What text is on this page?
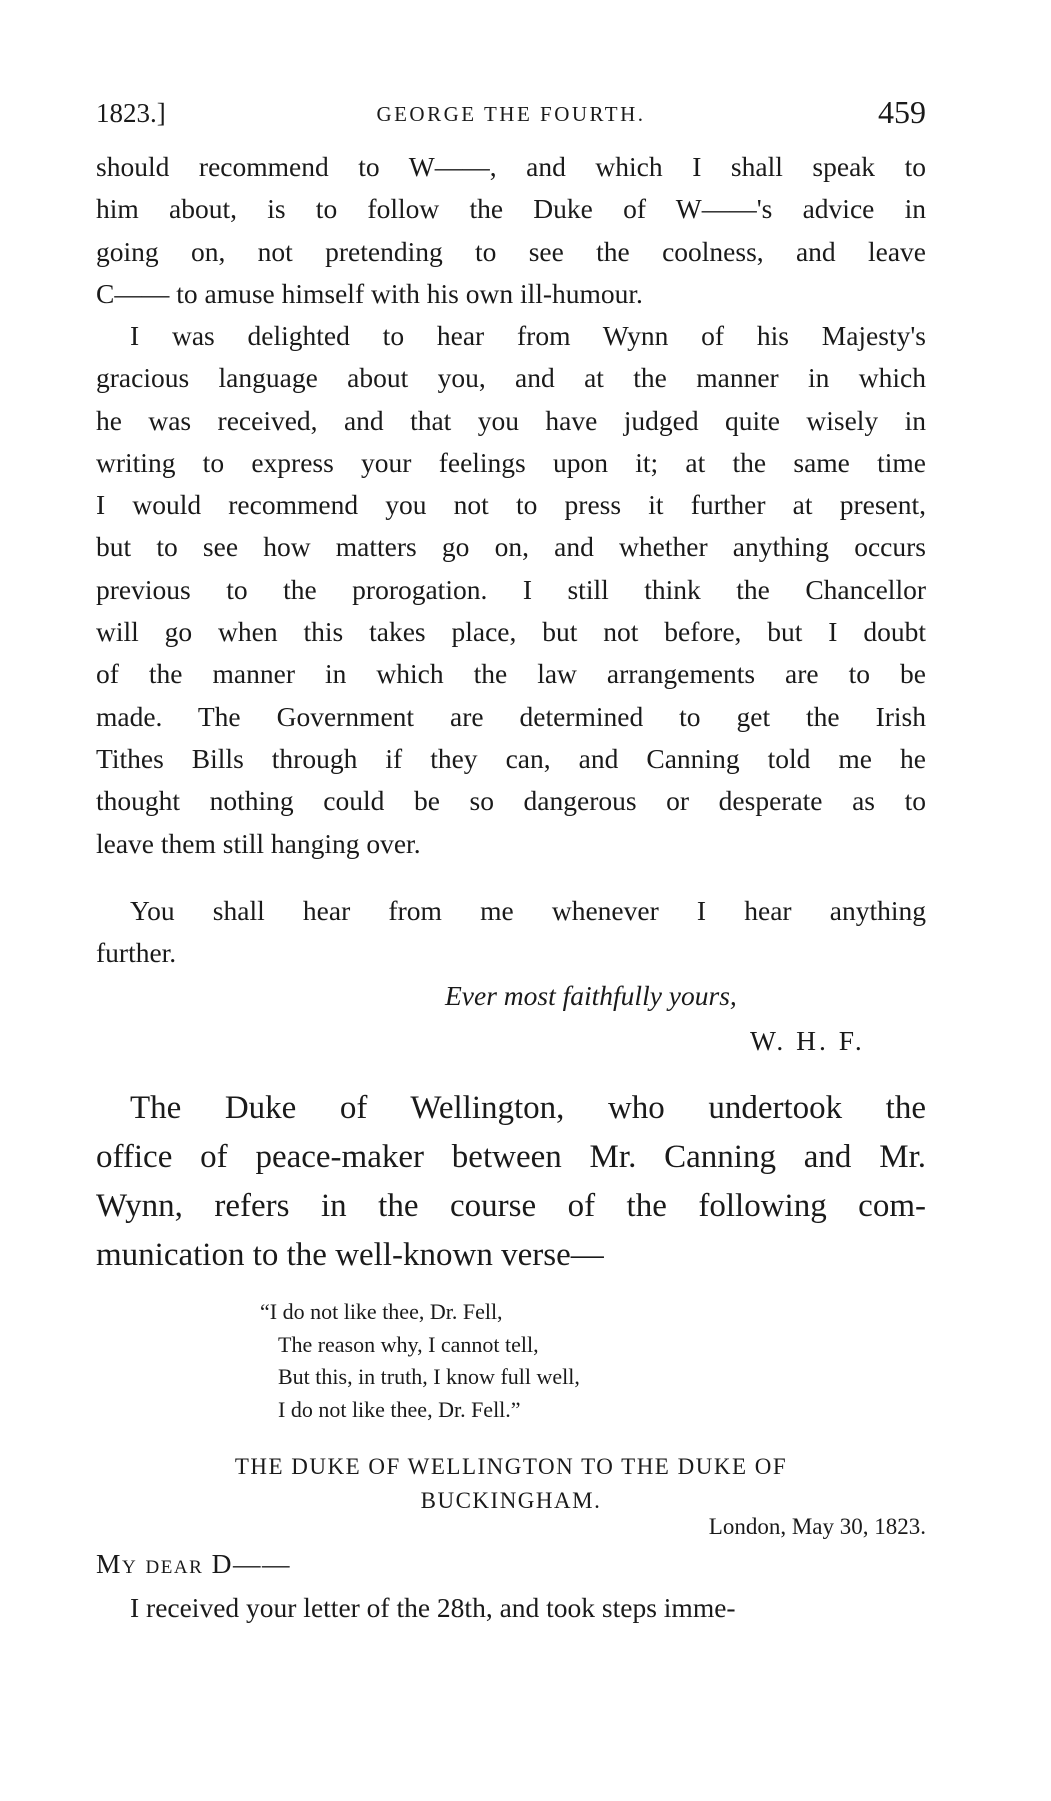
1823.]	GEORGE THE FOURTH.	459
should recommend to W——, and which I shall speak to
him about, is to follow the Duke of W——'s advice in
going on, not pretending to see the coolness, and leave
C—— to amuse himself with his own ill-humour.
I was delighted to hear from Wynn of his Majesty's
gracious language about you, and at the manner in which
he was received, and that you have judged quite wisely in
writing to express your feelings upon it; at the same time
I would recommend you not to press it further at present,
but to see how matters go on, and whether anything occurs
previous to the prorogation. I still think the Chancellor
will go when this takes place, but not before, but I doubt
of the manner in which the law arrangements are to be
made. The Government are determined to get the Irish
Tithes Bills through if they can, and Canning told me he
thought nothing could be so dangerous or desperate as to
leave them still hanging over.
You shall hear from me whenever I hear anything
further.
Ever most faithfully yours,
W. H. F.
The Duke of Wellington, who undertook the
office of peace-maker between Mr. Canning and Mr.
Wynn, refers in the course of the following com-
munication to the well-known verse—
“I do not like thee, Dr. Fell,
The reason why, I cannot tell,
But this, in truth, I know full well,
I do not like thee, Dr. Fell.”
THE DUKE OF WELLINGTON TO THE DUKE OF
BUCKINGHAM.
London, May 30, 1823.
My dear D——
I received your letter of the 28th, and took steps imme-
